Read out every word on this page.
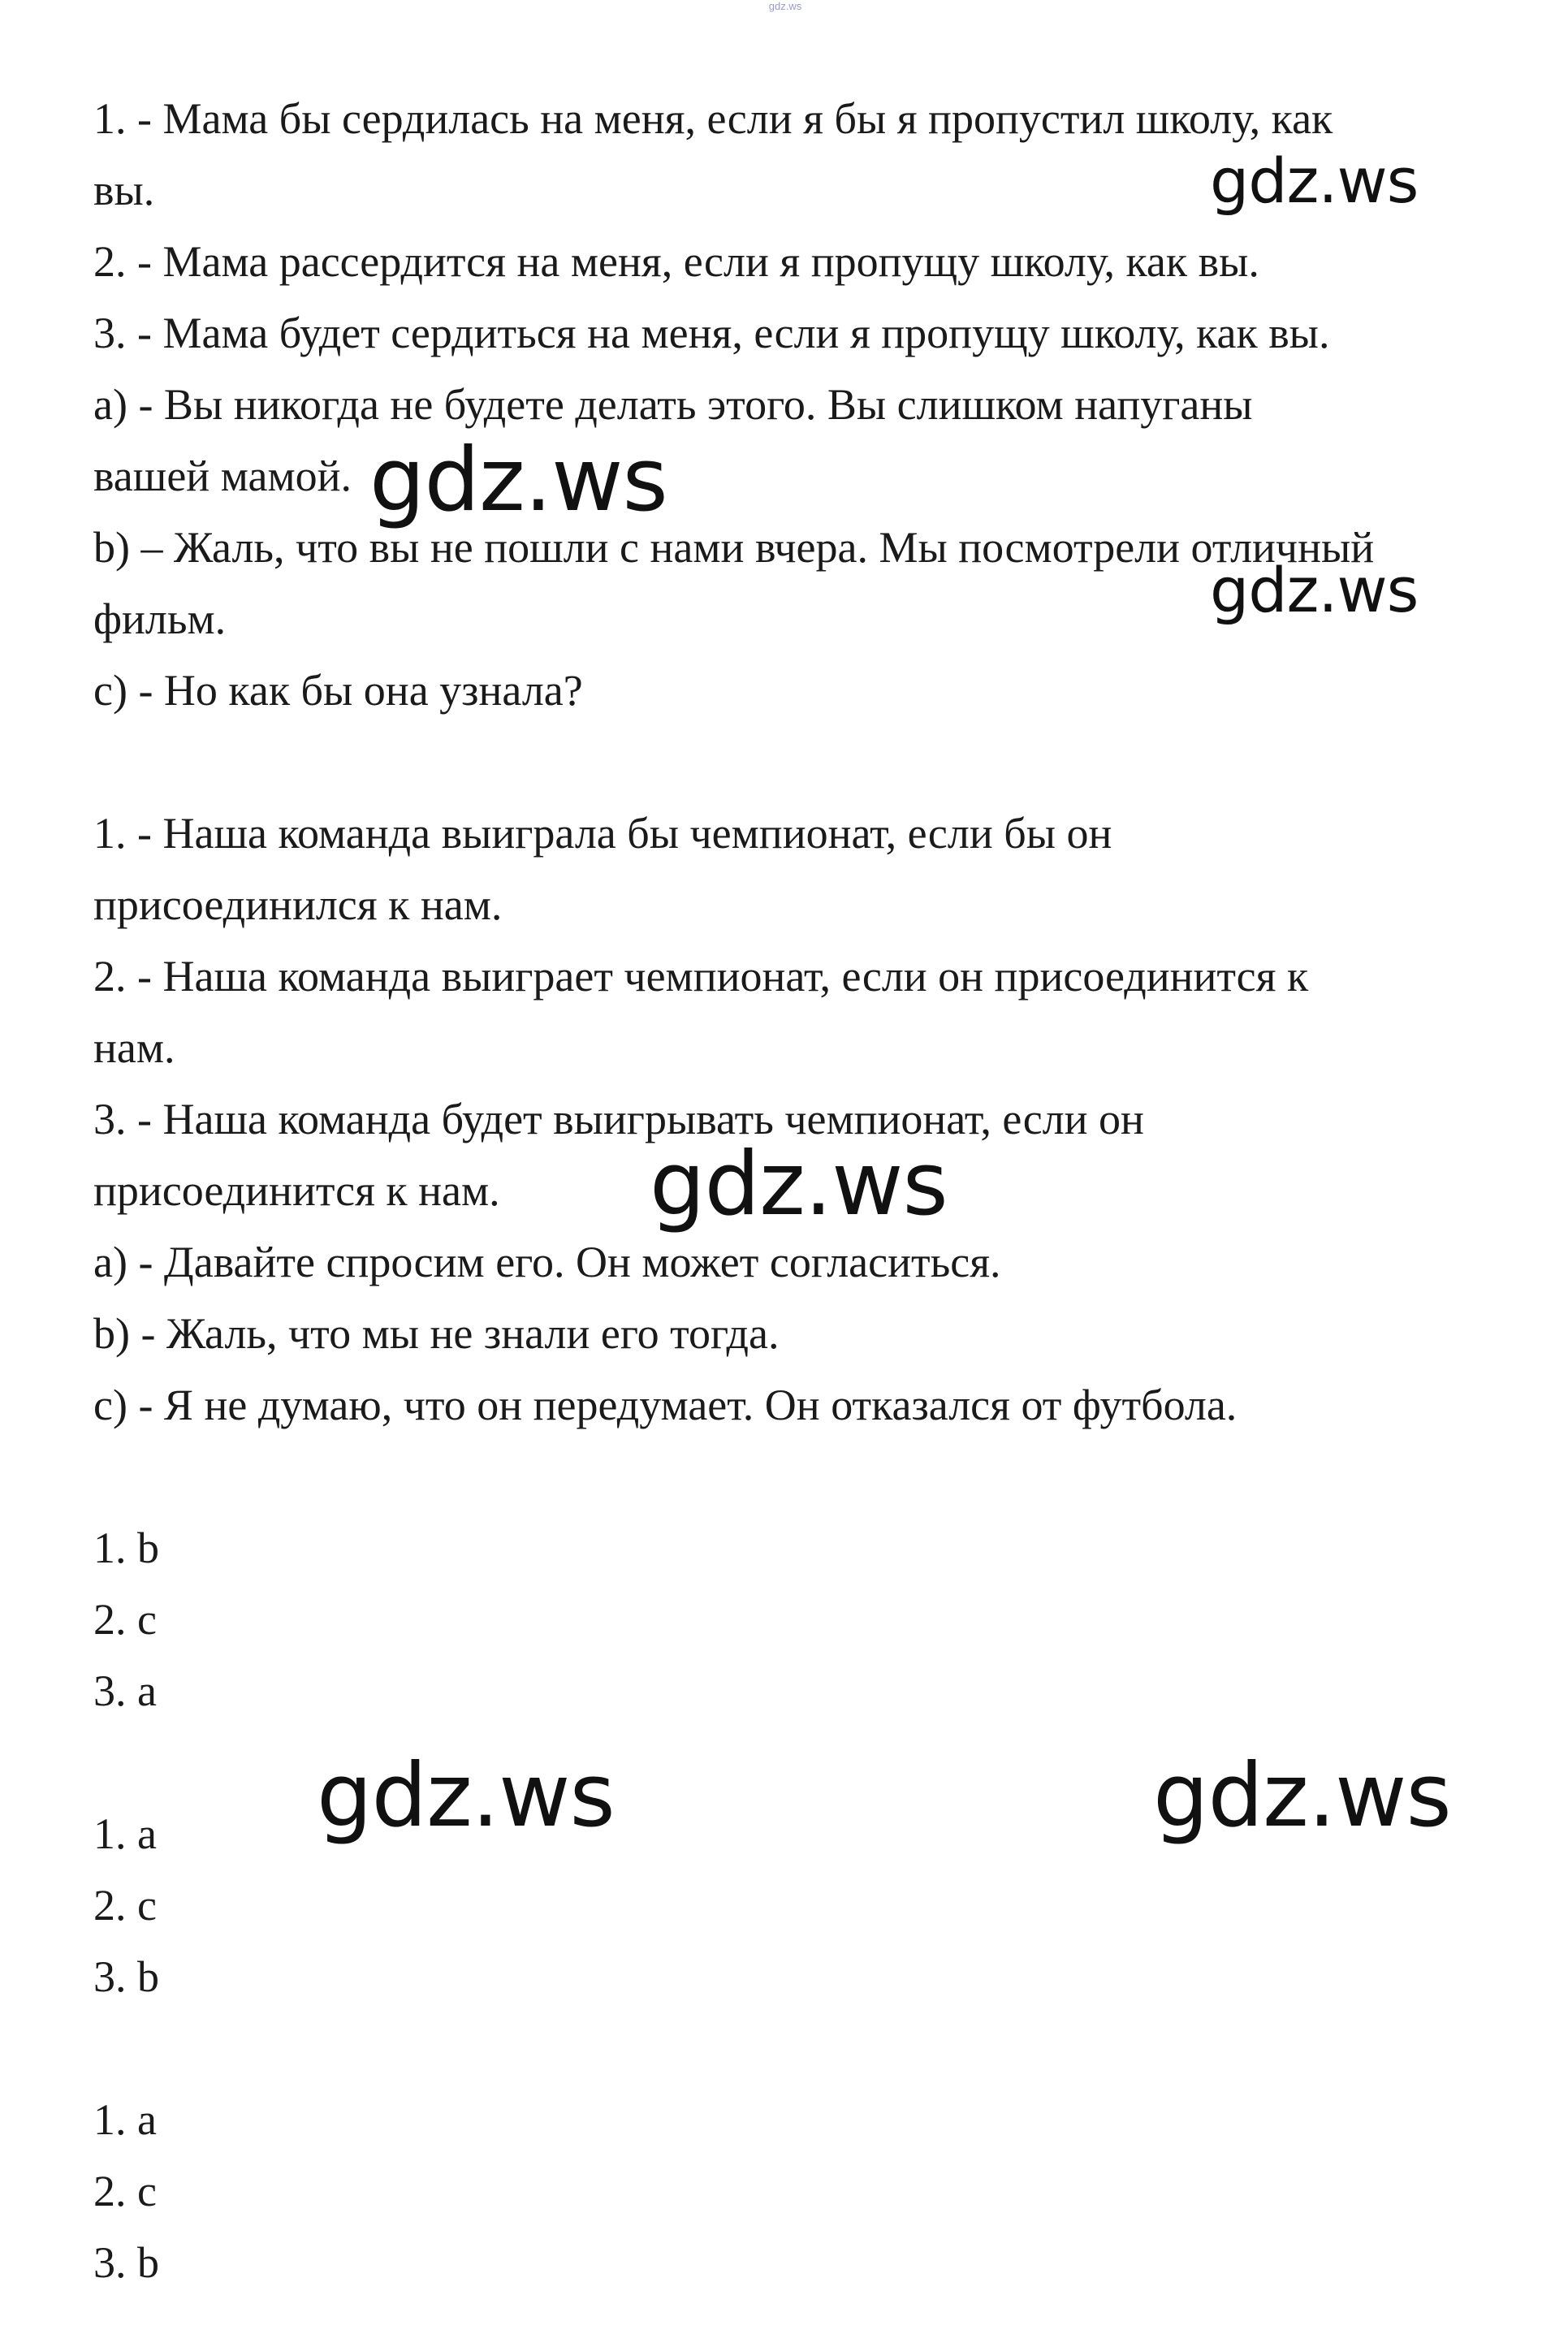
gdz.ws
1. - Мама бы сердилась на меня, если я бы я пропустил школу, как
вы.
2. - Мама рассердится на меня, если я пропущу школу, как вы.
3. - Мама будет сердиться на меня, если я пропущу школу, как вы.
a) - Вы никогда не будете делать этого. Вы слишком напуганы
вашей мамой.
b) – Жаль, что вы не пошли с нами вчера. Мы посмотрели отличный
фильм.
c) - Но как бы она узнала?
1. - Наша команда выиграла бы чемпионат, если бы он
присоединился к нам.
2. - Наша команда выиграет чемпионат, если он присоединится к
нам.
3. - Наша команда будет выигрывать чемпионат, если он
присоединится к нам.
a) - Давайте спросим его. Он может согласиться.
b) - Жаль, что мы не знали его тогда.
c) - Я не думаю, что он передумает. Он отказался от футбола.
1. b
2. c
3. a
1. a
2. c
3. b
1. a
2. c
3. b
gdz.ws
gdz.ws
gdz.ws
gdz.ws
gdz.ws	gdz.ws
